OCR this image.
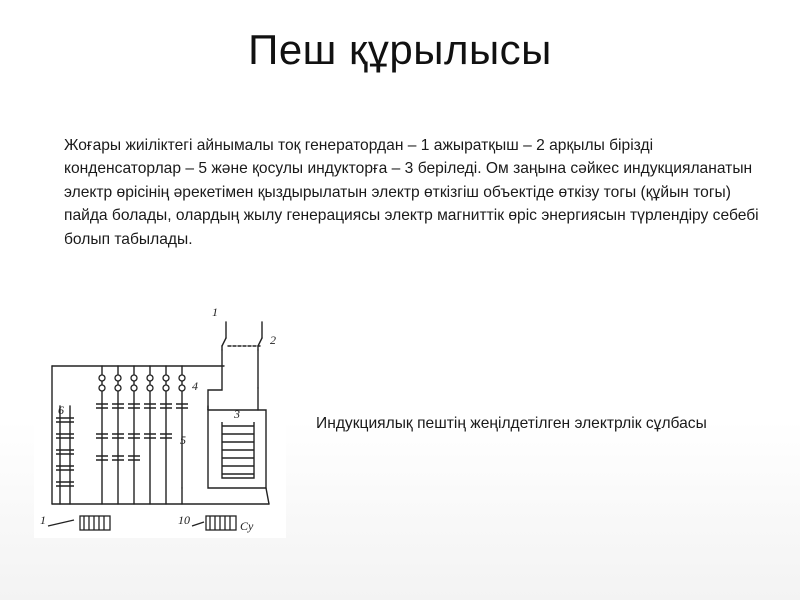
Пеш құрылысы
Жоғары жиіліктегі айнымалы тоқ генератордан – 1 ажыратқыш – 2 арқылы бірізді конденсаторлар – 5 және қосулы индукторға – 3 беріледі. Ом заңына сәйкес индукцияланатын электр өрісінің әрекетімен қыздырылатын электр өткізгіш объектіде өткізу тогы (құйын тогы) пайда болады, олардың жылу генерациясы электр магниттік өріс энергиясын түрлендіру себебі болып табылады.
1
2
3
4
5
6
1	10	Cy
Индукциялық пештің жеңілдетілген электрлік сұлбасы
